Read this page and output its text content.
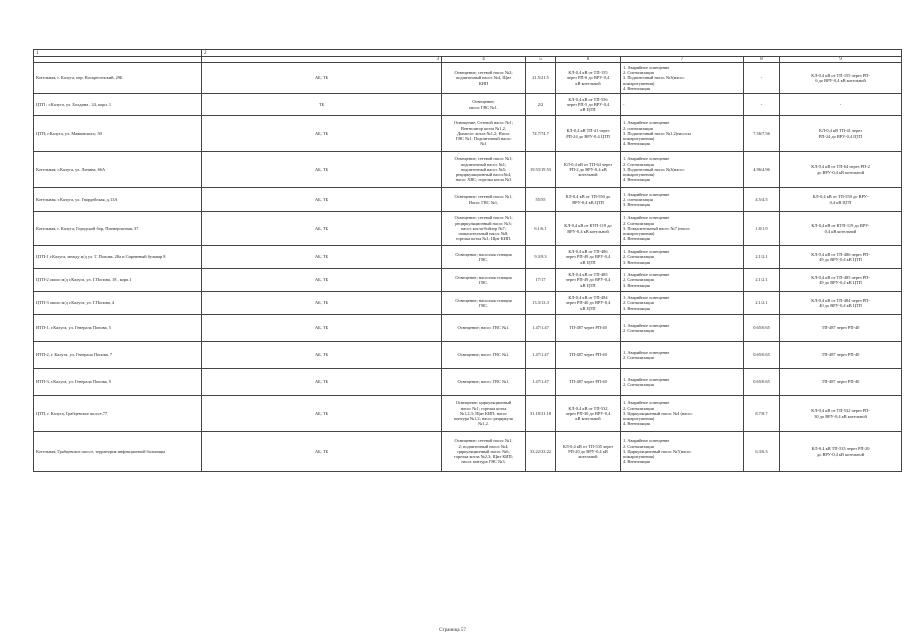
1	2						
	3	4	5	6	7	8	9
Котельная, г. Калуга, пер. Воскресенский, 29Б	АБ, ТБ	Освещение; сетевой насос №2;
подпиточный насос №4, Щит
КИП	21.5/21.5	КЛ-0,4 кВ от ТП-155
через РП-6 до ВРУ-0,4
кВ котельной	1. Аварийное освещение
2. Сигнализация
3. Подпиточный насос №3(насос
пожаротушения)
4. Вентиляция	-	КЛ-0,4 кВ от ТП-155 через РП-
6 до ВРУ-0,4 кВ котельной
ЦТП ; г.Калуга, ул. Болдина , 24, корп. 1	ТБ	Освещение;
насос ГВС №1.	2/2	КЛ-0,4 кВ от ТП-556
через РП-5 до ВРУ-0,4
кВ ЦТП	-	-	-
ЦТП; г.Калуга, ул. Маяковского, 50	АБ, ТБ	Освещение; Сетевой насос №1;
Вентилятор котла №1,2,
Дымосос котла №1,2; Насос
ГВС №1, Подпиточный насос
№1	74.7/74.7	КЛ-0,4 кВ ТП-41 через
РП-24 до ВРУ-0,4 ЦТП	1. Аварийное освещение
2. сигнализация
3. Подпиточный насос №1,2(насосы
пожаротушения)
4. Вентиляция	7.56/7.56	КЛ-0,4 кВ ТП-41 через
РП-24 до ВРУ-0,4 ЦТП
Котельная; г.Калуга, ул. Ленина, 66А	АБ, ТБ	Освещение; сетевой насос №1;
подпиточный насос №1;
подпиточный насос №5;
рециркуляционный насос№4,
насос ХВС; горелка котла №3	19.53/19.53	КЛ-0,4 кВ от ТП-64 через
РП-2 до ВРУ-0,4 кВ
котельной	1. Аварийное освещение
2. Сигнализация
3. Подпиточный насос №3(насос
пожаротушения)
4. Вентиляция	4.96/4.96	КЛ-0,4 кВ от ТП-64 через РП-2
до ВРУ-0,4 кВ котельной
Котельная; г.Калуга, ул. Гвардейская, д.13А	АБ, ТБ	Освещение; сетевой насос №1,
Насос ГВС №1,	55/55	КЛ-0,4 кВ от ТП-550 до
ВРУ-0,4 кВ ЦТП	1. Аварийное освещение
2. сигнализация
3. Вентиляция	4.5/4.5	КЛ-0,4 кВ от ТП-550 до ВРУ-
0,4 кВ ЦТП
Котельная, г. Калуга, Городской бор, Пионерсконая, 37	АБ, ТБ	Освещение; сетевой насос №1;
рециркуляционный насос №3;
насос котла-бойлер №7;
повысительный насос №8;
горелка котла №1; Щит КИП.	6.1/6.1	КЛ-0,4 кВ от КТП-119 до
ВРУ-0,4 кВ котельной	1. Аварийное освещение
2. Сигнализация
3. Повысительный насос №7 (насос
пожаротушения)
4. Вентиляция	1.8/1.9	КЛ-0,4 кВ от КТП-119 до ВРУ-
0,4 кВ котельной
ЦТП-1 г.Калуга, между м/д ул. Г. Попова, 28а и Сиреневый бульвар 8	АБ, ТБ	Освещение; насосная станция
ГВС.	9.3/9.3	КЛ-0,4 кВ от ТП-486
через РП-49 до ВРУ-0,4
кВ ЦТП	1. Аварийное освещение
2. Сигнализация
3. Вентиляция	2.1/2.1	КЛ-0,4 кВ от ТП-486 через РП-
49 до ВРУ-0,4 кВ ЦТП
ЦТП-2 около м/д г.Калуга, ул. Г.Попова, 18 , корп.1	АБ, ТБ	Освещение; насосная станция
ГВС.	17/17	КЛ-0,4 кВ от ТП-485
через РП-49 до ВРУ-0,4
кВ ЦТП	1. Аварийное освещение
2. Сигнализация
3. Вентиляция	2.1/2.1	КЛ-0,4 кВ от ТП-485 через РП-
49 до ВРУ-0,4 кВ ЦТП
ЦТП-3 около м/д г.Калуга, ул. Г.Попова, 4	АБ, ТБ	Освещение; насосная станция
ГВС.	13.3/13.3	КЛ-0,4 кВ от ТП-484
через РП-40 до ВРУ-0,4
кВ ЦТП	1. Аварийное освещение
2. Сигнализация
3. Вентиляция	2.1/2.1	КЛ-0,4 кВ от ТП-484 через РП-
40 до ВРУ-0,4 кВ ЦТП
ИТП-1, г.Калуга, ул. Генерала Попова, 5	АБ, ТБ	Освещение; насос ГВС №1.	1.47/1.47	ТП-487 через РП-40	1. Аварийное освещение
2. Сигнализация	0.65/0.65	ТП-487 через РП-40
ИТП-2, г. Калуга, ул. Генерала Попова, 7	АБ, ТБ	Освещение; насос ГВС №1.	1.47/1.47	ТП-487 через РП-40	1. Аварийное освещение
2. Сигнализация	0.65/0.65	ТП-487 через РП-40
ИТП-3, г.Калуга, ул. Генерала Попова, 9	АБ, ТБ	Освещение; насос ГВС №1.	1.47/1.47	ТП-487 через РП-40	1. Аварийное освещение
2. Сигнализация	0.65/0.65	ТП-487 через РП-40
ЦТП, г. Калуга, Грабцевское шоссе,77	АБ, ТБ	Освещение; циркуляционный
насос №1; горелка котла
№1,2,3; Щит КИП; насос
контура №1,2; насос рециркуля
№1,2.	31.18/31.18	КЛ-0,4 кВ от ТП-532
через РП-30 до ВРУ-0,4
кВ котельной	1. Аварийное освещение
2. Сигнализация
3. Циркуляционный насос №4 (насос
пожаротушения)
4. Вентиляция	8.7/8.7	КЛ-0,4 кВ от ТП-532 через РП-
30 до ВРУ-0,4 кВ котельной
Котельная, Грабцевское шоссе, территория инфекционной больницы	АБ, ТБ	Освещение; сетевой насос №1,
2; подпиточный насос №4;
циркуляционный насос №6;
горелка котла №2,3; Щит КИП;
насос контура ГВС №3.	33.22/33.22	КЛ-0,4 кВ от ТП-535 через
РП-20 до ВРУ-0,4 кВ
котельной	1. Аварийное освещение
2. Сигнализация
3. Циркуляционный насос №7(насос
пожаротушения)
4. Вентиляция	6.3/6.3	КЛ-0,4 кВ ТП-535 через РП-20
до ВРУ-0,4 кВ котельной
Страница 57
